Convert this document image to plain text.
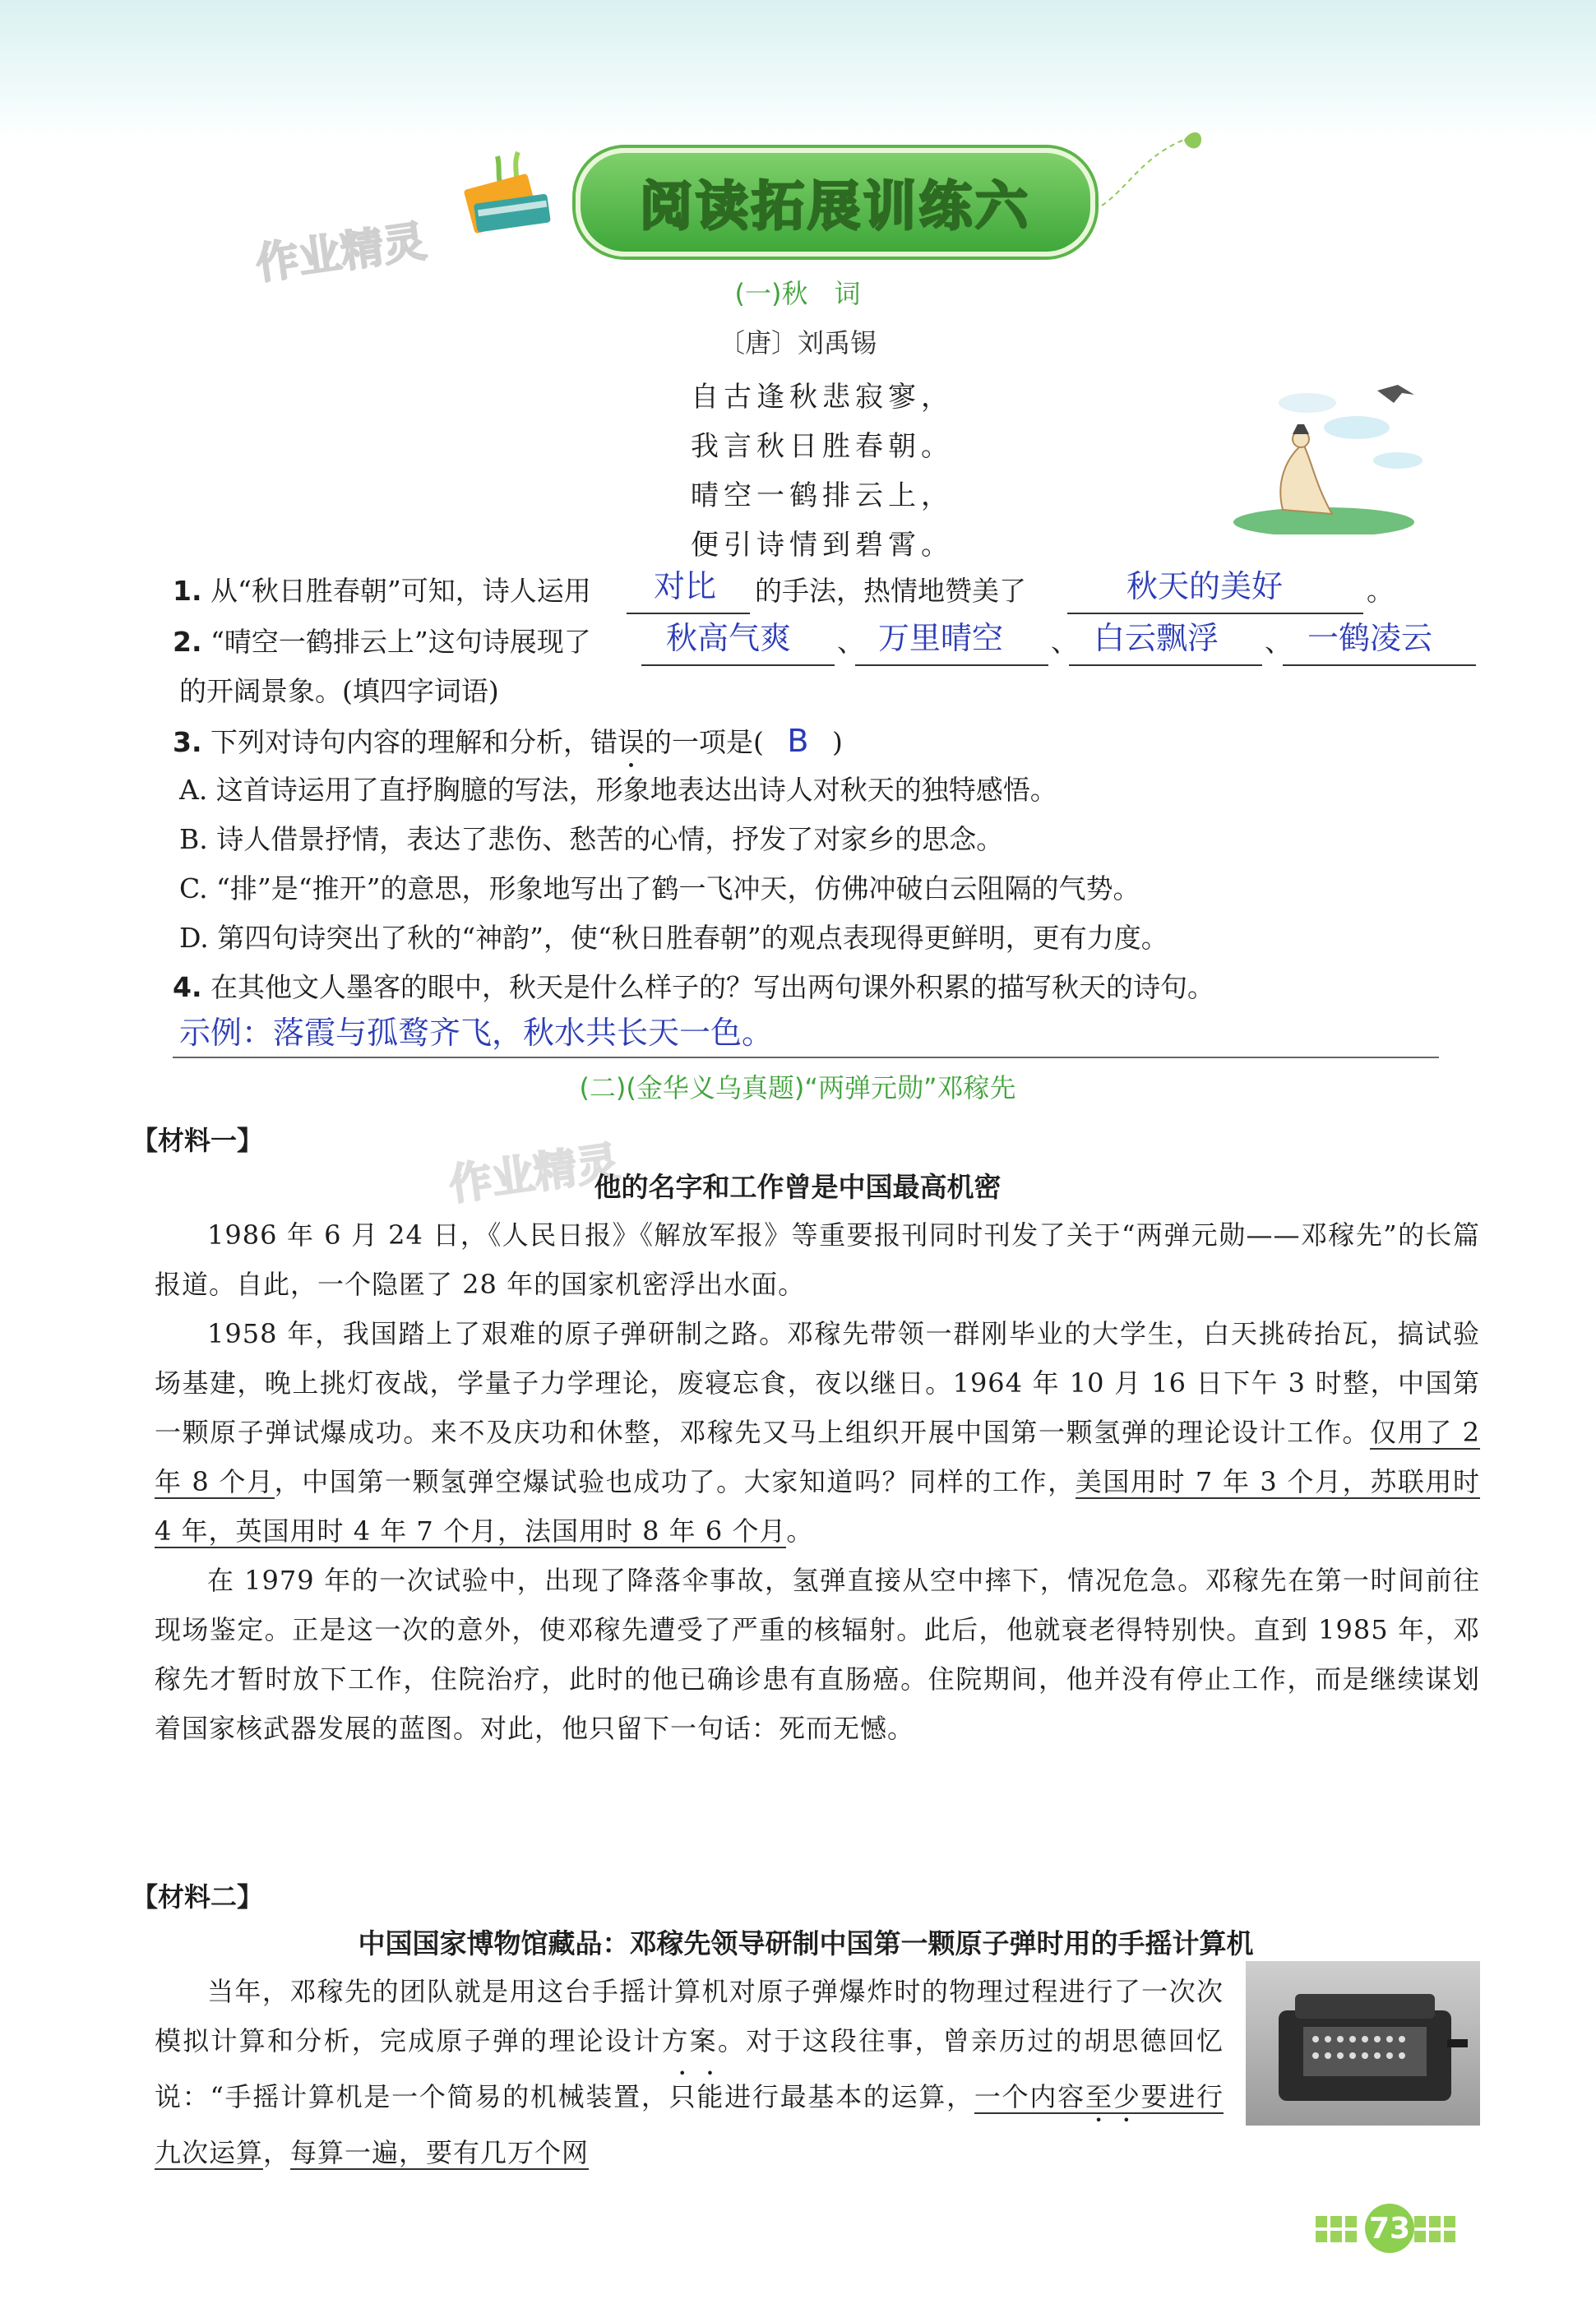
阅读拓展训练六
作业精灵
(一)秋　词
〔唐〕刘禹锡
自古逢秋悲寂寥，
我言秋日胜春朝。
晴空一鹤排云上，
便引诗情到碧霄。
1. 从“秋日胜春朝”可知，诗人运用	对比 的手法，热情地赞美了	秋天的美好	。
2. “晴空一鹤排云上”这句诗展现了 秋高气爽 、 万里晴空 、 白云飘浮 、 一鹤凌云
的开阔景象。(填四字词语)
3. 下列对诗句内容的理解和分析，错误的一项是( B )
A. 这首诗运用了直抒胸臆的写法，形象地表达出诗人对秋天的独特感悟。
B. 诗人借景抒情，表达了悲伤、愁苦的心情，抒发了对家乡的思念。
C. “排”是“推开”的意思，形象地写出了鹤一飞冲天，仿佛冲破白云阻隔的气势。
D. 第四句诗突出了秋的“神韵”，使“秋日胜春朝”的观点表现得更鲜明，更有力度。
4. 在其他文人墨客的眼中，秋天是什么样子的？写出两句课外积累的描写秋天的诗句。
示例：落霞与孤鹜齐飞，秋水共长天一色。
(二)(金华义乌真题)“两弹元勋”邓稼先
【材料一】	作业精灵
他的名字和工作曾是中国最高机密
1986 年 6 月 24 日，《人民日报》《解放军报》等重要报刊同时刊发了关于“两弹元勋——邓稼先”的长篇报道。自此，一个隐匿了 28 年的国家机密浮出水面。
1958 年，我国踏上了艰难的原子弹研制之路。邓稼先带领一群刚毕业的大学生，白天挑砖抬瓦，搞试验场基建，晚上挑灯夜战，学量子力学理论，废寝忘食，夜以继日。1964 年 10 月 16 日下午 3 时整，中国第一颗原子弹试爆成功。来不及庆功和休整，邓稼先又马上组织开展中国第一颗氢弹的理论设计工作。仅用了 2 年 8 个月，中国第一颗氢弹空爆试验也成功了。大家知道吗？同样的工作，美国用时 7 年 3 个月，苏联用时 4 年，英国用时 4 年 7 个月，法国用时 8 年 6 个月。
在 1979 年的一次试验中，出现了降落伞事故，氢弹直接从空中摔下，情况危急。邓稼先在第一时间前往现场鉴定。正是这一次的意外，使邓稼先遭受了严重的核辐射。此后，他就衰老得特别快。直到 1985 年，邓稼先才暂时放下工作，住院治疗，此时的他已确诊患有直肠癌。住院期间，他并没有停止工作，而是继续谋划着国家核武器发展的蓝图。对此，他只留下一句话：死而无憾。
【材料二】
中国国家博物馆藏品：邓稼先领导研制中国第一颗原子弹时用的手摇计算机
当年，邓稼先的团队就是用这台手摇计算机对原子弹爆炸时的物理过程进行了一次次模拟计算和分析，完成原子弹的理论设计方案。对于这段往事，曾亲历过的胡思德回忆说：“手摇计算机是一个简易的机械装置，只能进行最基本的运算，一个内容至少要进行九次运算，每算一遍，要有几万个网
73
